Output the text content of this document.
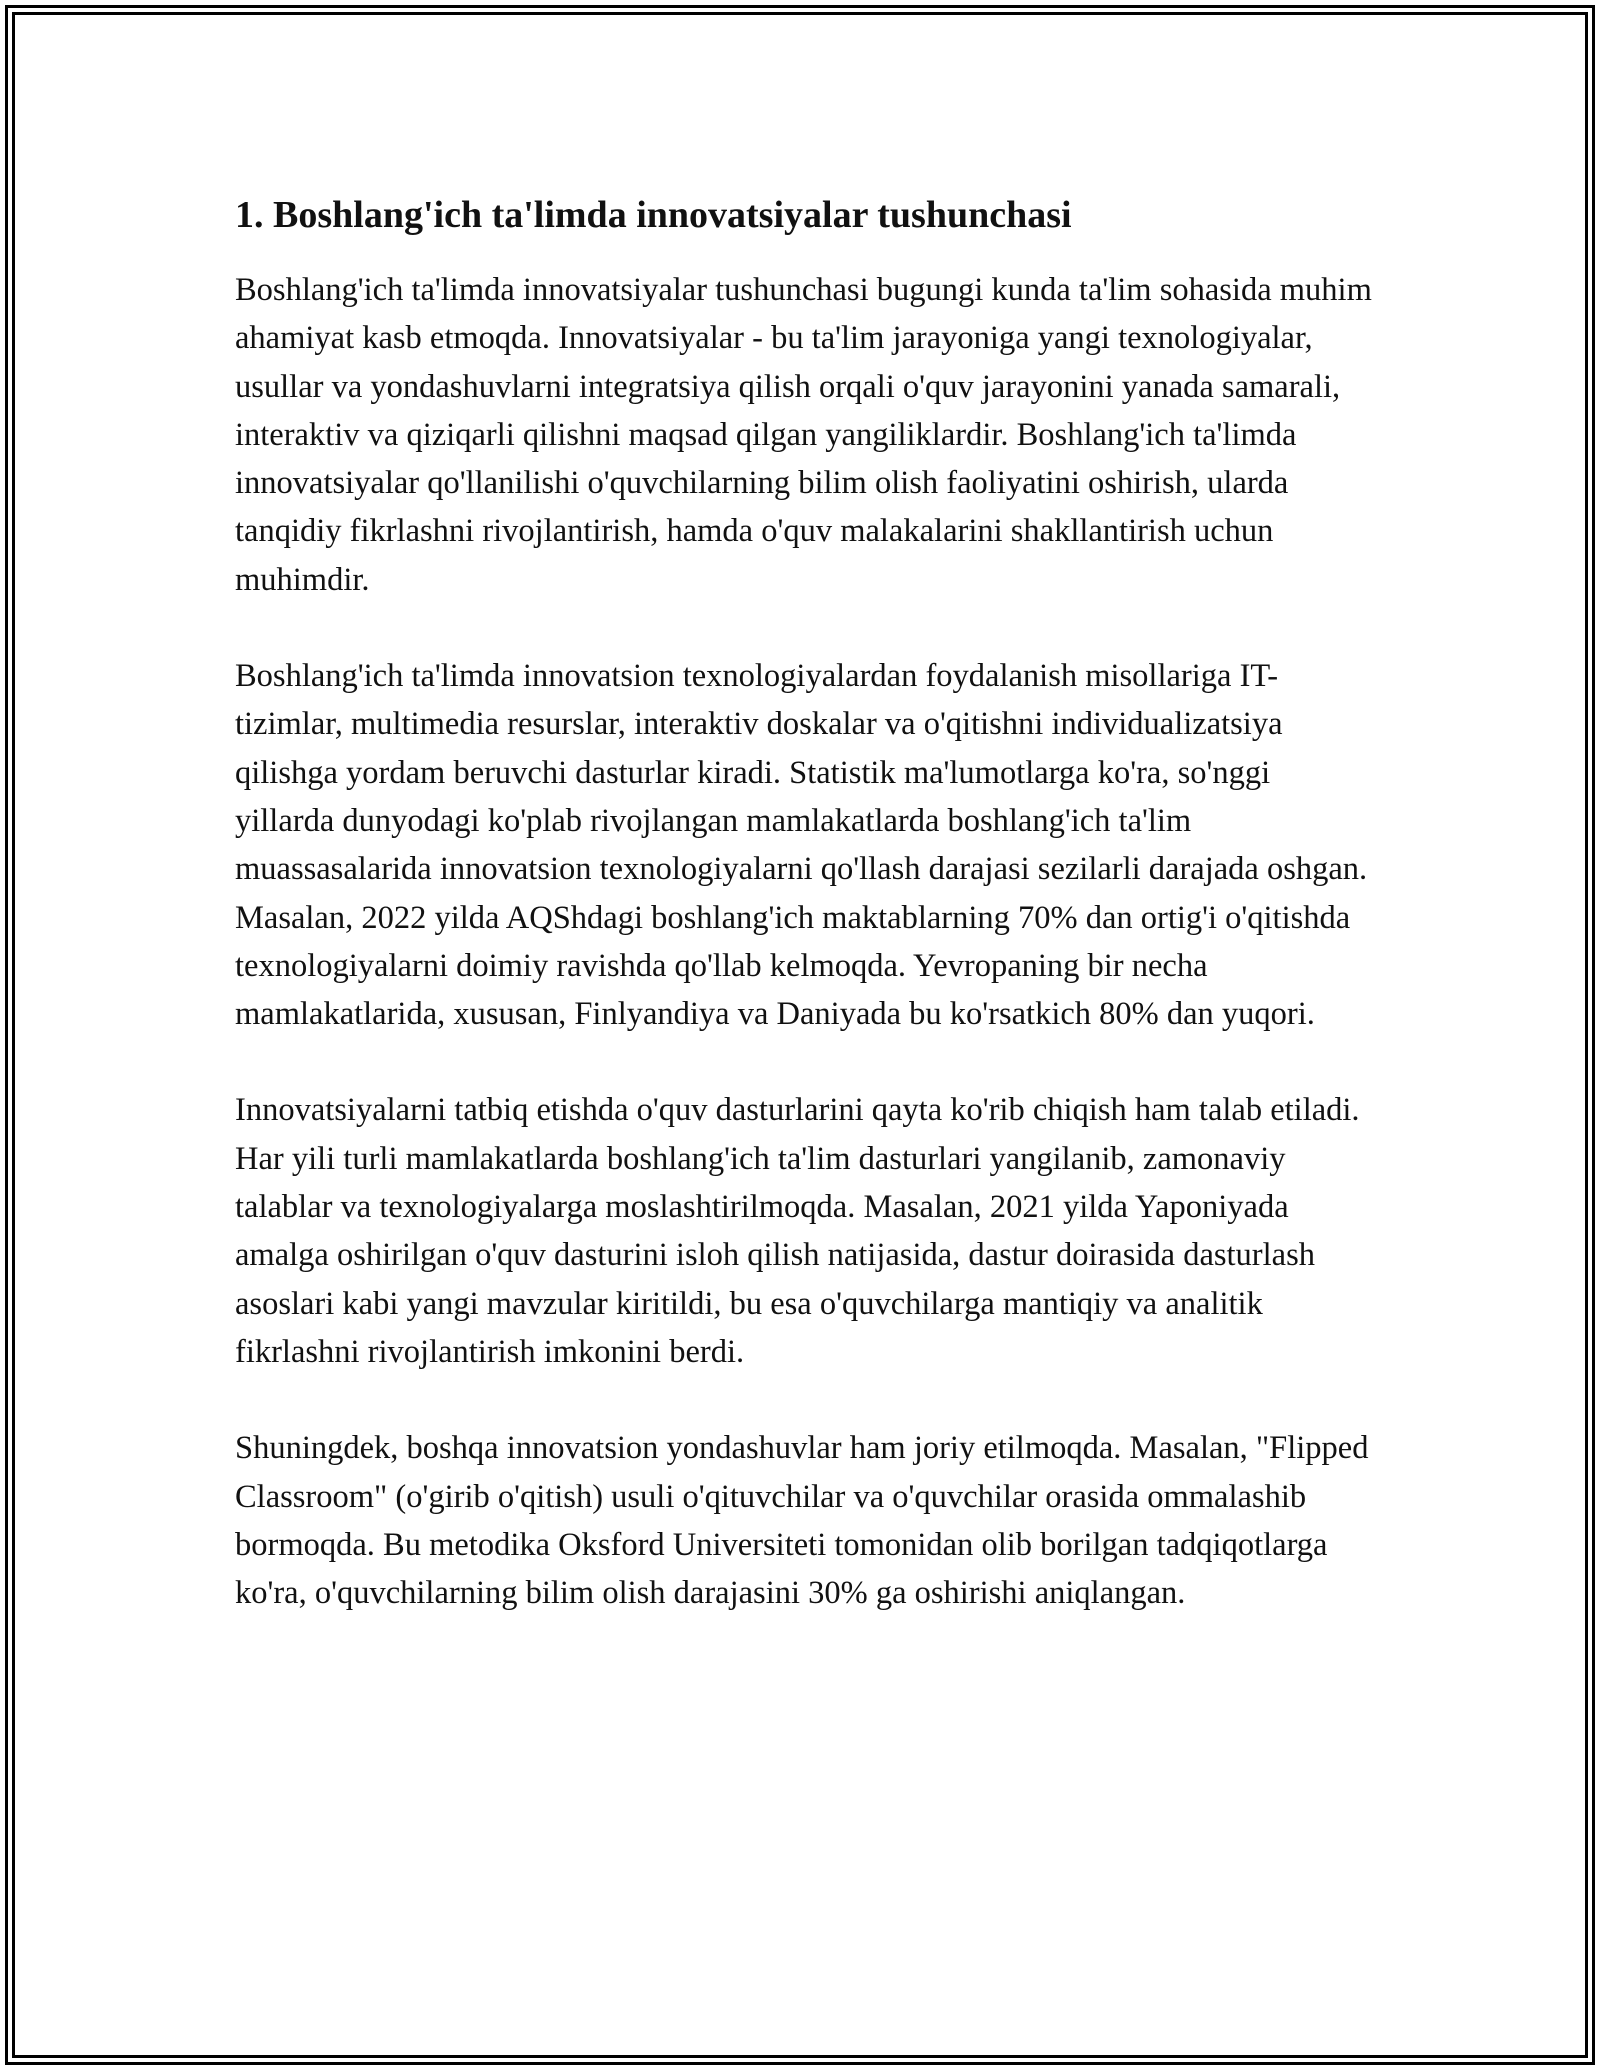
1. Boshlang'ich ta'limda innovatsiyalar tushunchasi

Boshlang'ich ta'limda innovatsiyalar tushunchasi bugungi kunda ta'lim sohasida muhim ahamiyat kasb etmoqda. Innovatsiyalar - bu ta'lim jarayoniga yangi texnologiyalar, usullar va yondashuvlarni integratsiya qilish orqali o'quv jarayonini yanada samarali, interaktiv va qiziqarli qilishni maqsad qilgan yangiliklardir. Boshlang'ich ta'limda innovatsiyalar qo'llanilishi o'quvchilarning bilim olish faoliyatini oshirish, ularda tanqidiy fikrlashni rivojlantirish, hamda o'quv malakalarini shakllantirish uchun muhimdir.

Boshlang'ich ta'limda innovatsion texnologiyalardan foydalanish misollariga IT-tizimlar, multimedia resurslar, interaktiv doskalar va o'qitishni individualizatsiya qilishga yordam beruvchi dasturlar kiradi. Statistik ma'lumotlarga ko'ra, so'nggi yillarda dunyodagi ko'plab rivojlangan mamlakatlarda boshlang'ich ta'lim muassasalarida innovatsion texnologiyalarni qo'llash darajasi sezilarli darajada oshgan. Masalan, 2022 yilda AQShdagi boshlang'ich maktablarning 70% dan ortig'i o'qitishda texnologiyalarni doimiy ravishda qo'llab kelmoqda. Yevropaning bir necha mamlakatlarida, xususan, Finlyandiya va Daniyada bu ko'rsatkich 80% dan yuqori.

Innovatsiyalarni tatbiq etishda o'quv dasturlarini qayta ko'rib chiqish ham talab etiladi. Har yili turli mamlakatlarda boshlang'ich ta'lim dasturlari yangilanib, zamonaviy talablar va texnologiyalarga moslashtirilmoqda. Masalan, 2021 yilda Yaponiyada amalga oshirilgan o'quv dasturini isloh qilish natijasida, dastur doirasida dasturlash asoslari kabi yangi mavzular kiritildi, bu esa o'quvchilarga mantiqiy va analitik fikrlashni rivojlantirish imkonini berdi.

Shuningdek, boshqa innovatsion yondashuvlar ham joriy etilmoqda. Masalan, "Flipped Classroom" (o'girib o'qitish) usuli o'qituvchilar va o'quvchilar orasida ommalashib bormoqda. Bu metodika Oksford Universiteti tomonidan olib borilgan tadqiqotlarga ko'ra, o'quvchilarning bilim olish darajasini 30% ga oshirishi aniqlangan.
